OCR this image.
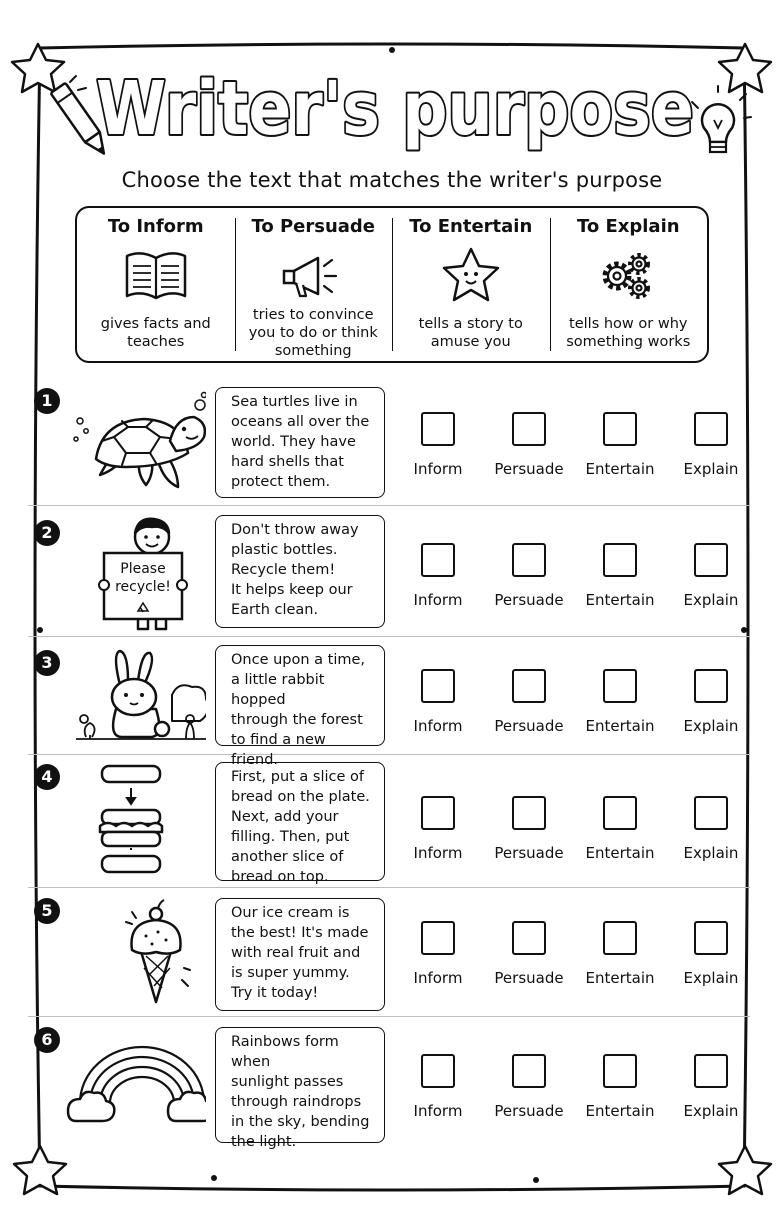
Writer's purpose
Choose the text that matches the writer's purpose
To Inform
gives facts and
teaches
To Persuade
tries to convince
you to do or think
something
To Entertain
tells a story to
amuse you
To Explain
tells how or why
something works
1	Sea turtles live in
oceans all over the
world. They have
hard shells that
protect them.
Inform	Persuade	Entertain	Explain
2
Please recycle!
Don't throw away
plastic bottles.
Recycle them!
It helps keep our
Earth clean.
Inform	Persuade	Entertain	Explain
3	Once upon a time,
a little rabbit hopped
through the forest
to find a new friend.
Inform	Persuade	Entertain	Explain
4	First, put a slice of
bread on the plate.
Next, add your
filling. Then, put
another slice of
bread on top.
Inform	Persuade	Entertain	Explain
5	Our ice cream is
the best! It's made
with real fruit and
is super yummy.
Try it today!
Inform	Persuade	Entertain	Explain
6	Rainbows form when
sunlight passes
through raindrops
in the sky, bending
the light.
Inform	Persuade	Entertain	Explain
